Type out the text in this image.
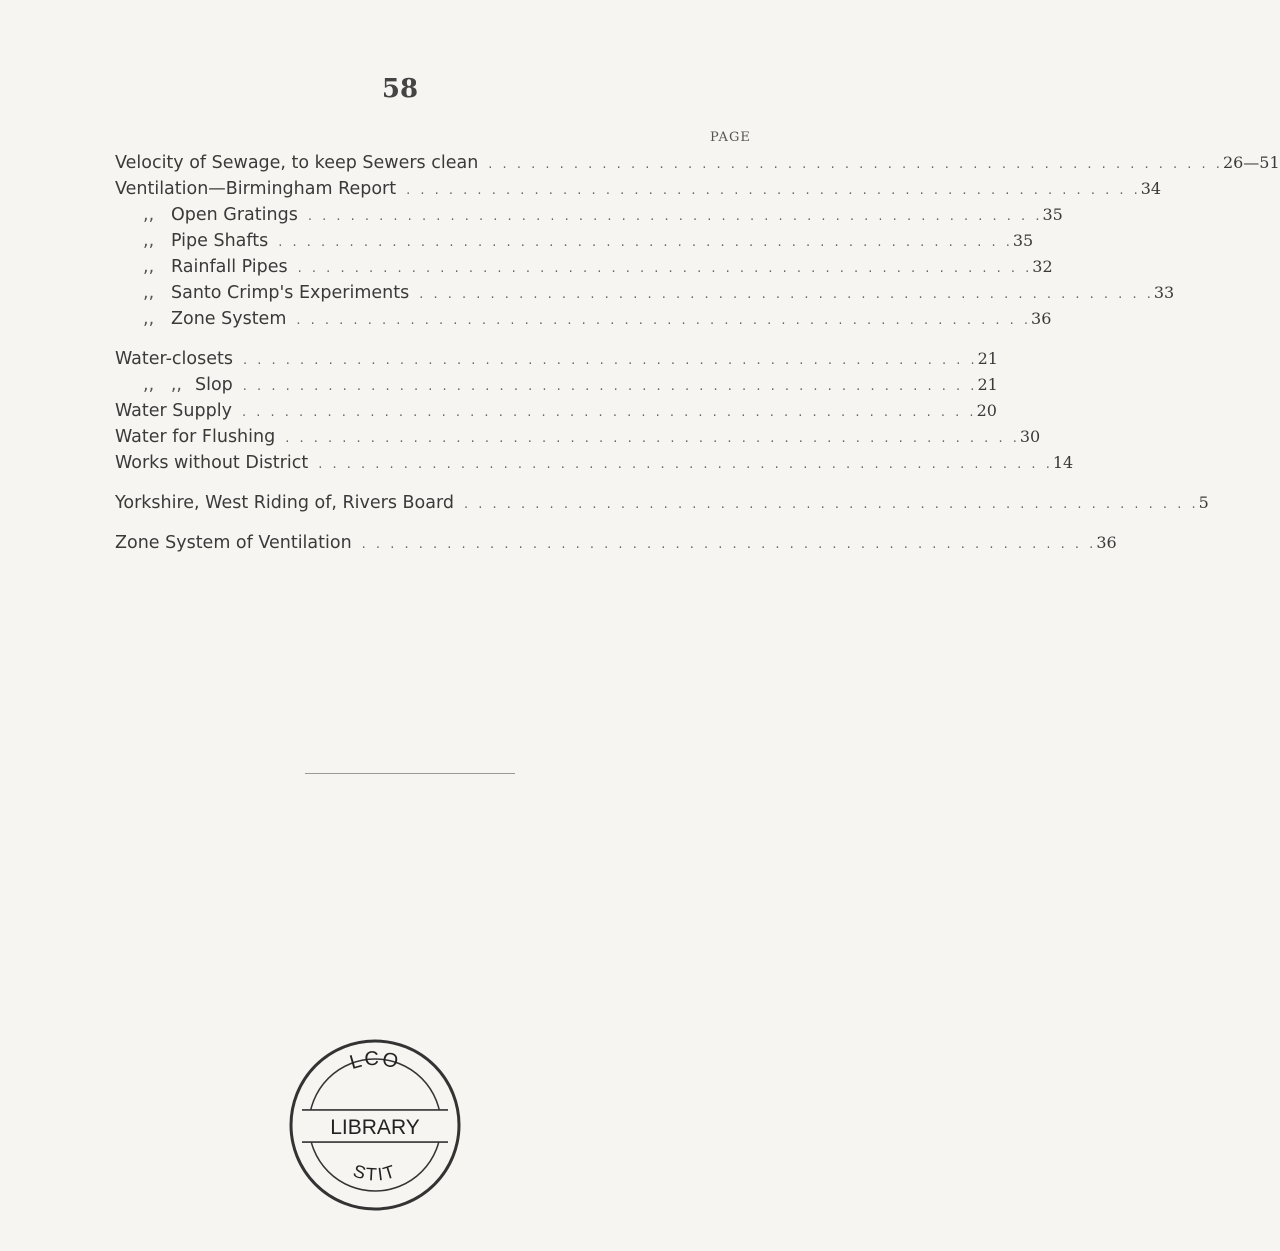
58
PAGE
Velocity of Sewage, to keep Sewers clean . . . . . . . . . . . . . . . . . . . . . . . . . . . . . . . . . . . . . . . . . . . . . . . . . . . . 26—51
Ventilation—Birmingham Report . . . . . . . . . . . . . . . . . . . . . . . . . . . . . . . . . . . . . . . . . . . . . . . . . . . . 34
,, Open Gratings . . . . . . . . . . . . . . . . . . . . . . . . . . . . . . . . . . . . . . . . . . . . . . . . . . . . 35
,, Pipe Shafts . . . . . . . . . . . . . . . . . . . . . . . . . . . . . . . . . . . . . . . . . . . . . . . . . . . . 35
,, Rainfall Pipes . . . . . . . . . . . . . . . . . . . . . . . . . . . . . . . . . . . . . . . . . . . . . . . . . . . . 32
,, Santo Crimp's Experiments . . . . . . . . . . . . . . . . . . . . . . . . . . . . . . . . . . . . . . . . . . . . . . . . . . . . 33
,, Zone System . . . . . . . . . . . . . . . . . . . . . . . . . . . . . . . . . . . . . . . . . . . . . . . . . . . . 36
Water-closets . . . . . . . . . . . . . . . . . . . . . . . . . . . . . . . . . . . . . . . . . . . . . . . . . . . . 21
,,   ,, Slop . . . . . . . . . . . . . . . . . . . . . . . . . . . . . . . . . . . . . . . . . . . . . . . . . . . . 21
Water Supply . . . . . . . . . . . . . . . . . . . . . . . . . . . . . . . . . . . . . . . . . . . . . . . . . . . . 20
Water for Flushing . . . . . . . . . . . . . . . . . . . . . . . . . . . . . . . . . . . . . . . . . . . . . . . . . . . . 30
Works without District . . . . . . . . . . . . . . . . . . . . . . . . . . . . . . . . . . . . . . . . . . . . . . . . . . . . 14
Yorkshire, West Riding of, Rivers Board . . . . . . . . . . . . . . . . . . . . . . . . . . . . . . . . . . . . . . . . . . . . . . . . . . . . 5
Zone System of Ventilation . . . . . . . . . . . . . . . . . . . . . . . . . . . . . . . . . . . . . . . . . . . . . . . . . . . . 36
LIBRARY
LCO
STIT
